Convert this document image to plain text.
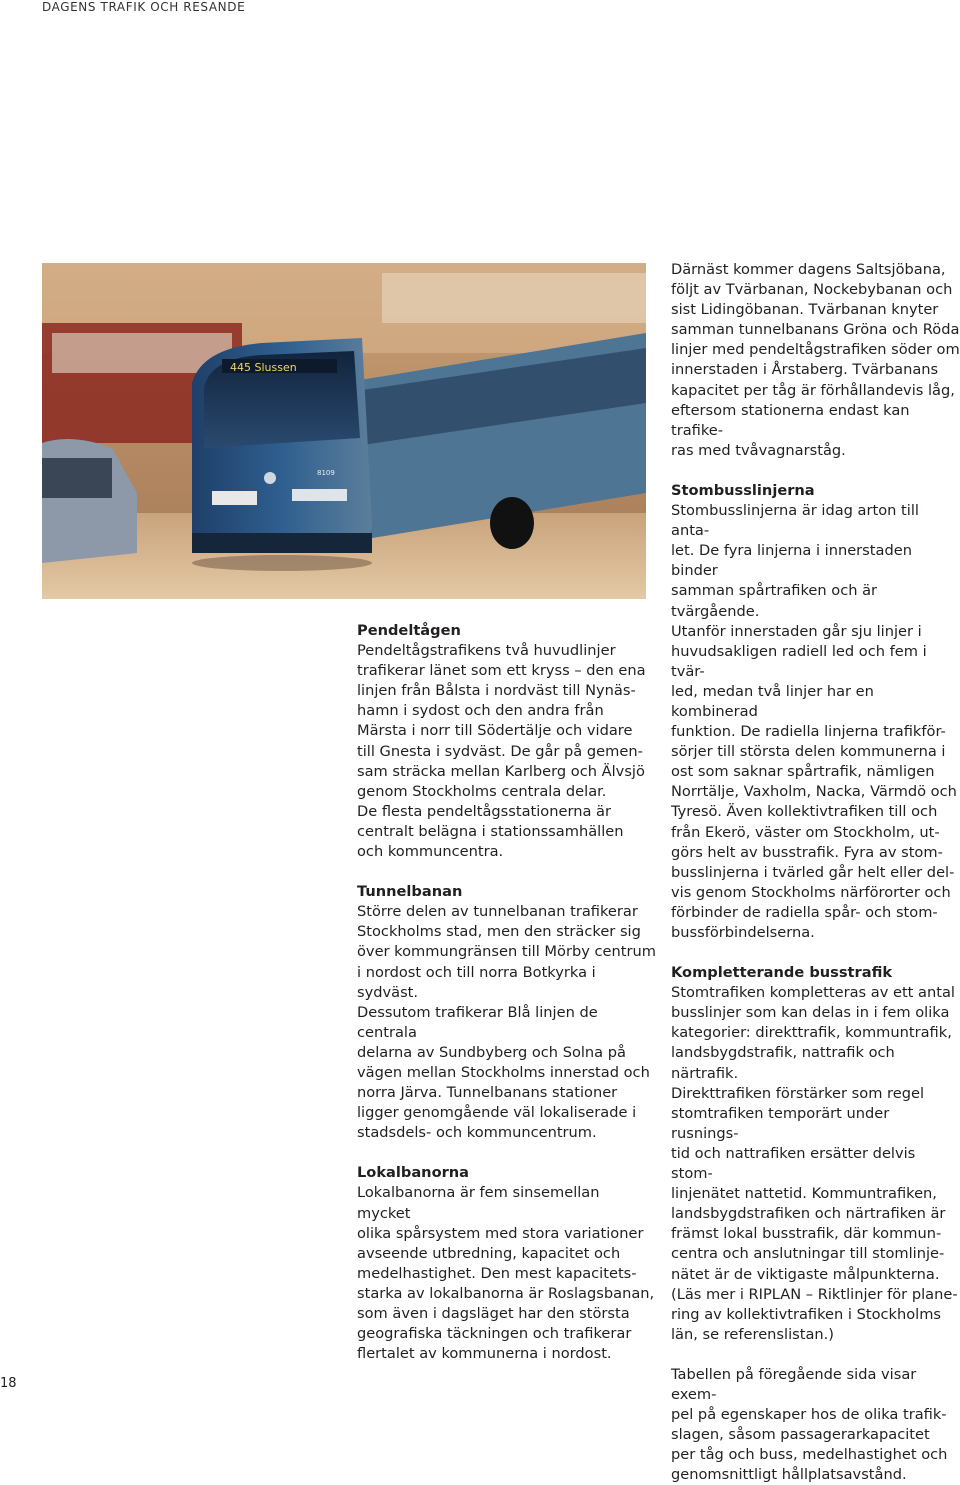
DAGENS TRAFIK OCH RESANDE
445 Slussen
8109
Pendeltågen

Pendeltågstrafikens två huvudlinjer
trafikerar länet som ett kryss – den ena
linjen från Bålsta i nordväst till Nynäs-
hamn i sydost och den andra från
Märsta i norr till Södertälje och vidare
till Gnesta i sydväst. De går på gemen-
sam sträcka mellan Karlberg och Älvsjö
genom Stockholms centrala delar.
De flesta pendeltågsstationerna är
centralt belägna i stationssamhällen
och kommuncentra.

Tunnelbanan

Större delen av tunnelbanan trafikerar
Stockholms stad, men den sträcker sig
över kommungränsen till Mörby centrum
i nordost och till norra Botkyrka i sydväst.
Dessutom trafikerar Blå linjen de centrala
delarna av Sundbyberg och Solna på
vägen mellan Stockholms innerstad och
norra Järva. Tunnelbanans stationer
ligger genomgående väl lokaliserade i
stadsdels- och kommuncentrum.

Lokalbanorna

Lokalbanorna är fem sinsemellan mycket
olika spårsystem med stora variationer
avseende utbredning, kapacitet och
medelhastighet. Den mest kapacitets-
starka av lokalbanorna är Roslagsbanan,
som även i dagsläget har den största
geografiska täckningen och trafikerar
flertalet av kommunerna i nordost.

Därnäst kommer dagens Saltsjöbana,
följt av Tvärbanan, Nockebybanan och
sist Lidingöbanan. Tvärbanan knyter
samman tunnelbanans Gröna och Röda
linjer med pendeltågstrafiken söder om
innerstaden i Årstaberg. Tvärbanans
kapacitet per tåg är förhållandevis låg,
eftersom stationerna endast kan trafike-
ras med tvåvagnarståg.

Stombusslinjerna

Stombusslinjerna är idag arton till anta-
let. De fyra linjerna i innerstaden binder
samman spårtrafiken och är tvärgående.
Utanför innerstaden går sju linjer i
huvudsakligen radiell led och fem i tvär-
led, medan två linjer har en kombinerad
funktion. De radiella linjerna trafikför-
sörjer till största delen kommunerna i
ost som saknar spårtrafik, nämligen
Norrtälje, Vaxholm, Nacka, Värmdö och
Tyresö. Även kollektivtrafiken till och
från Ekerö, väster om Stockholm, ut-
görs helt av busstrafik. Fyra av stom-
busslinjerna i tvärled går helt eller del-
vis genom Stockholms närförorter och
förbinder de radiella spår- och stom-
bussförbindelserna.

Kompletterande busstrafik

Stomtrafiken kompletteras av ett antal
busslinjer som kan delas in i fem olika
kategorier: direkttrafik, kommuntrafik,
landsbygdstrafik, nattrafik och närtrafik.
Direkttrafiken förstärker som regel
stomtrafiken temporärt under rusnings-
tid och nattrafiken ersätter delvis stom-
linjenätet nattetid. Kommuntrafiken,
landsbygdstrafiken och närtrafiken är
främst lokal busstrafik, där kommun-
centra och anslutningar till stomlinje-
nätet är de viktigaste målpunkterna.
(Läs mer i RIPLAN – Riktlinjer för plane-
ring av kollektivtrafiken i Stockholms
län, se referenslistan.)

Tabellen på föregående sida visar exem-
pel på egenskaper hos de olika trafik-
slagen, såsom passagerarkapacitet
per tåg och buss, medelhastighet och
genomsnittligt hållplatsavstånd.

18
